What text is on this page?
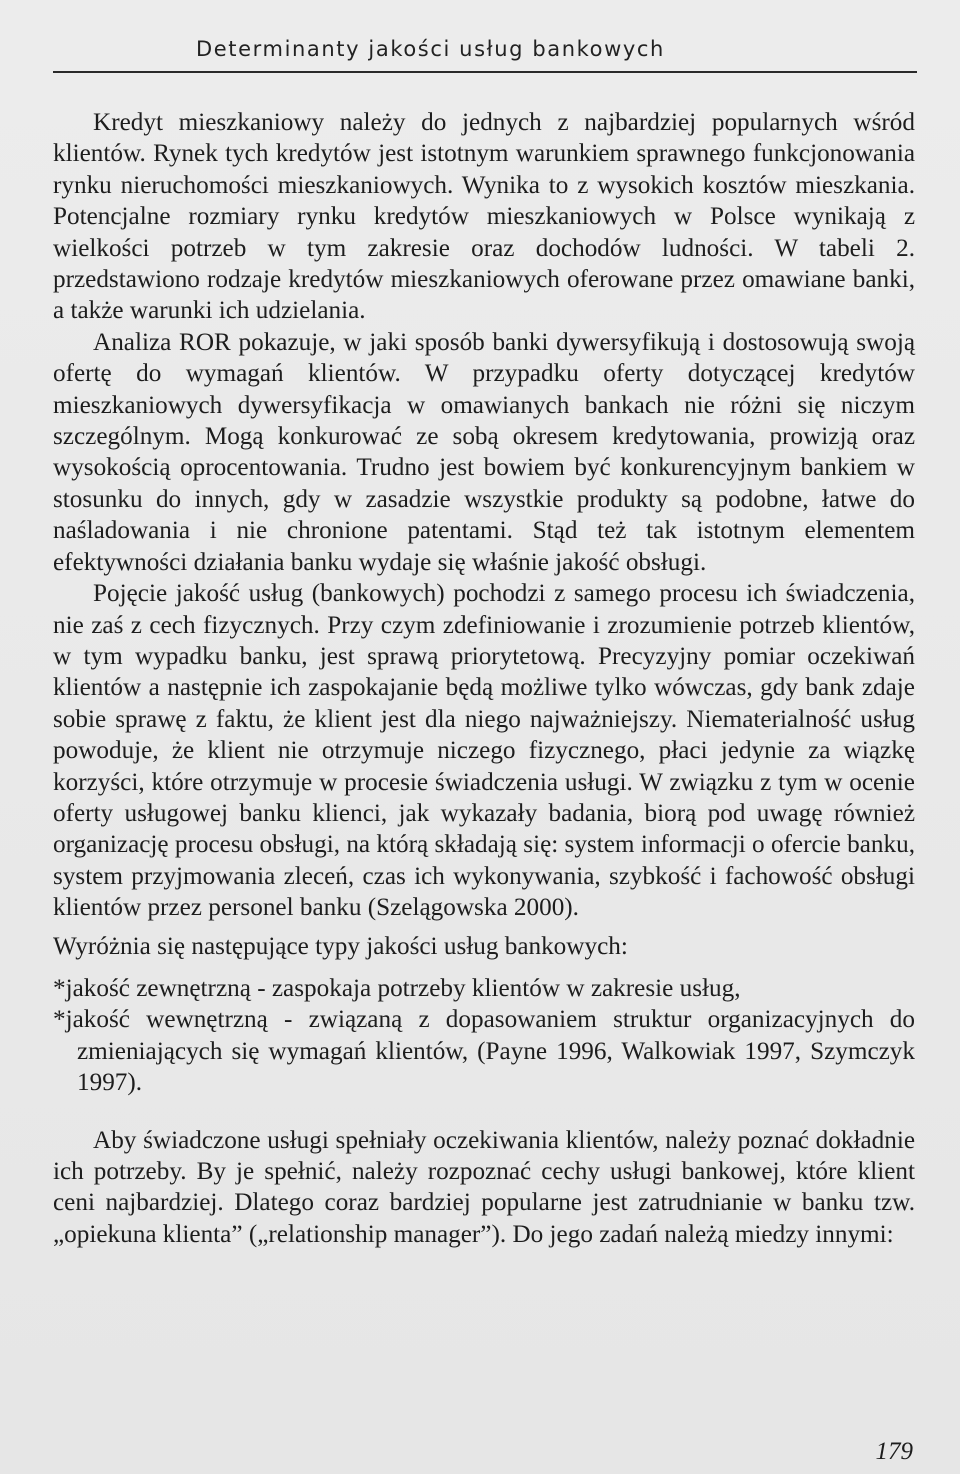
Determinanty jakości usług bankowych

Kredyt mieszkaniowy należy do jednych z najbardziej popularnych wśród klientów. Rynek tych kredytów jest istotnym warunkiem sprawnego funkcjonowania rynku nieruchomości mieszkaniowych. Wynika to z wysokich kosztów mieszkania. Potencjalne rozmiary rynku kredytów mieszkaniowych w Polsce wynikają z wielkości potrzeb w tym zakresie oraz dochodów ludności. W tabeli 2. przedstawiono rodzaje kredytów mieszkaniowych oferowane przez omawiane banki, a także warunki ich udzielania.

Analiza ROR pokazuje, w jaki sposób banki dywersyfikują i dostosowują swoją ofertę do wymagań klientów. W przypadku oferty dotyczącej kredytów mieszkaniowych dywersyfikacja w omawianych bankach nie różni się niczym szczególnym. Mogą konkurować ze sobą okresem kredytowania, prowizją oraz wysokością oprocentowania. Trudno jest bowiem być konkurencyjnym bankiem w stosunku do innych, gdy w zasadzie wszystkie produkty są podobne, łatwe do naśladowania i nie chronione patentami. Stąd też tak istotnym elementem efektywności działania banku wydaje się właśnie jakość obsługi.

Pojęcie jakość usług (bankowych) pochodzi z samego procesu ich świadczenia, nie zaś z cech fizycznych. Przy czym zdefiniowanie i zrozumienie potrzeb klientów, w tym wypadku banku, jest sprawą priorytetową. Precyzyjny pomiar oczekiwań klientów a następnie ich zaspokajanie będą możliwe tylko wówczas, gdy bank zdaje sobie sprawę z faktu, że klient jest dla niego najważniejszy. Niematerialność usług powoduje, że klient nie otrzymuje niczego fizycznego, płaci jedynie za wiązkę korzyści, które otrzymuje w procesie świadczenia usługi. W związku z tym w ocenie oferty usługowej banku klienci, jak wykazały badania, biorą pod uwagę również organizację procesu obsługi, na którą składają się: system informacji o ofercie banku, system przyjmowania zleceń, czas ich wykonywania, szybkość i fachowość obsługi klientów przez personel banku (Szelągowska 2000).

Wyróżnia się następujące typy jakości usług bankowych:

*jakość zewnętrzną - zaspokaja potrzeby klientów w zakresie usług,
*jakość wewnętrzną - związaną z dopasowaniem struktur organizacyjnych do zmieniających się wymagań klientów, (Payne 1996, Walkowiak 1997, Szymczyk 1997).

Aby świadczone usługi spełniały oczekiwania klientów, należy poznać dokładnie ich potrzeby. By je spełnić, należy rozpoznać cechy usługi bankowej, które klient ceni najbardziej. Dlatego coraz bardziej popularne jest zatrudnianie w banku tzw. „opiekuna klienta” („relationship manager”). Do jego zadań należą miedzy innymi:

179
